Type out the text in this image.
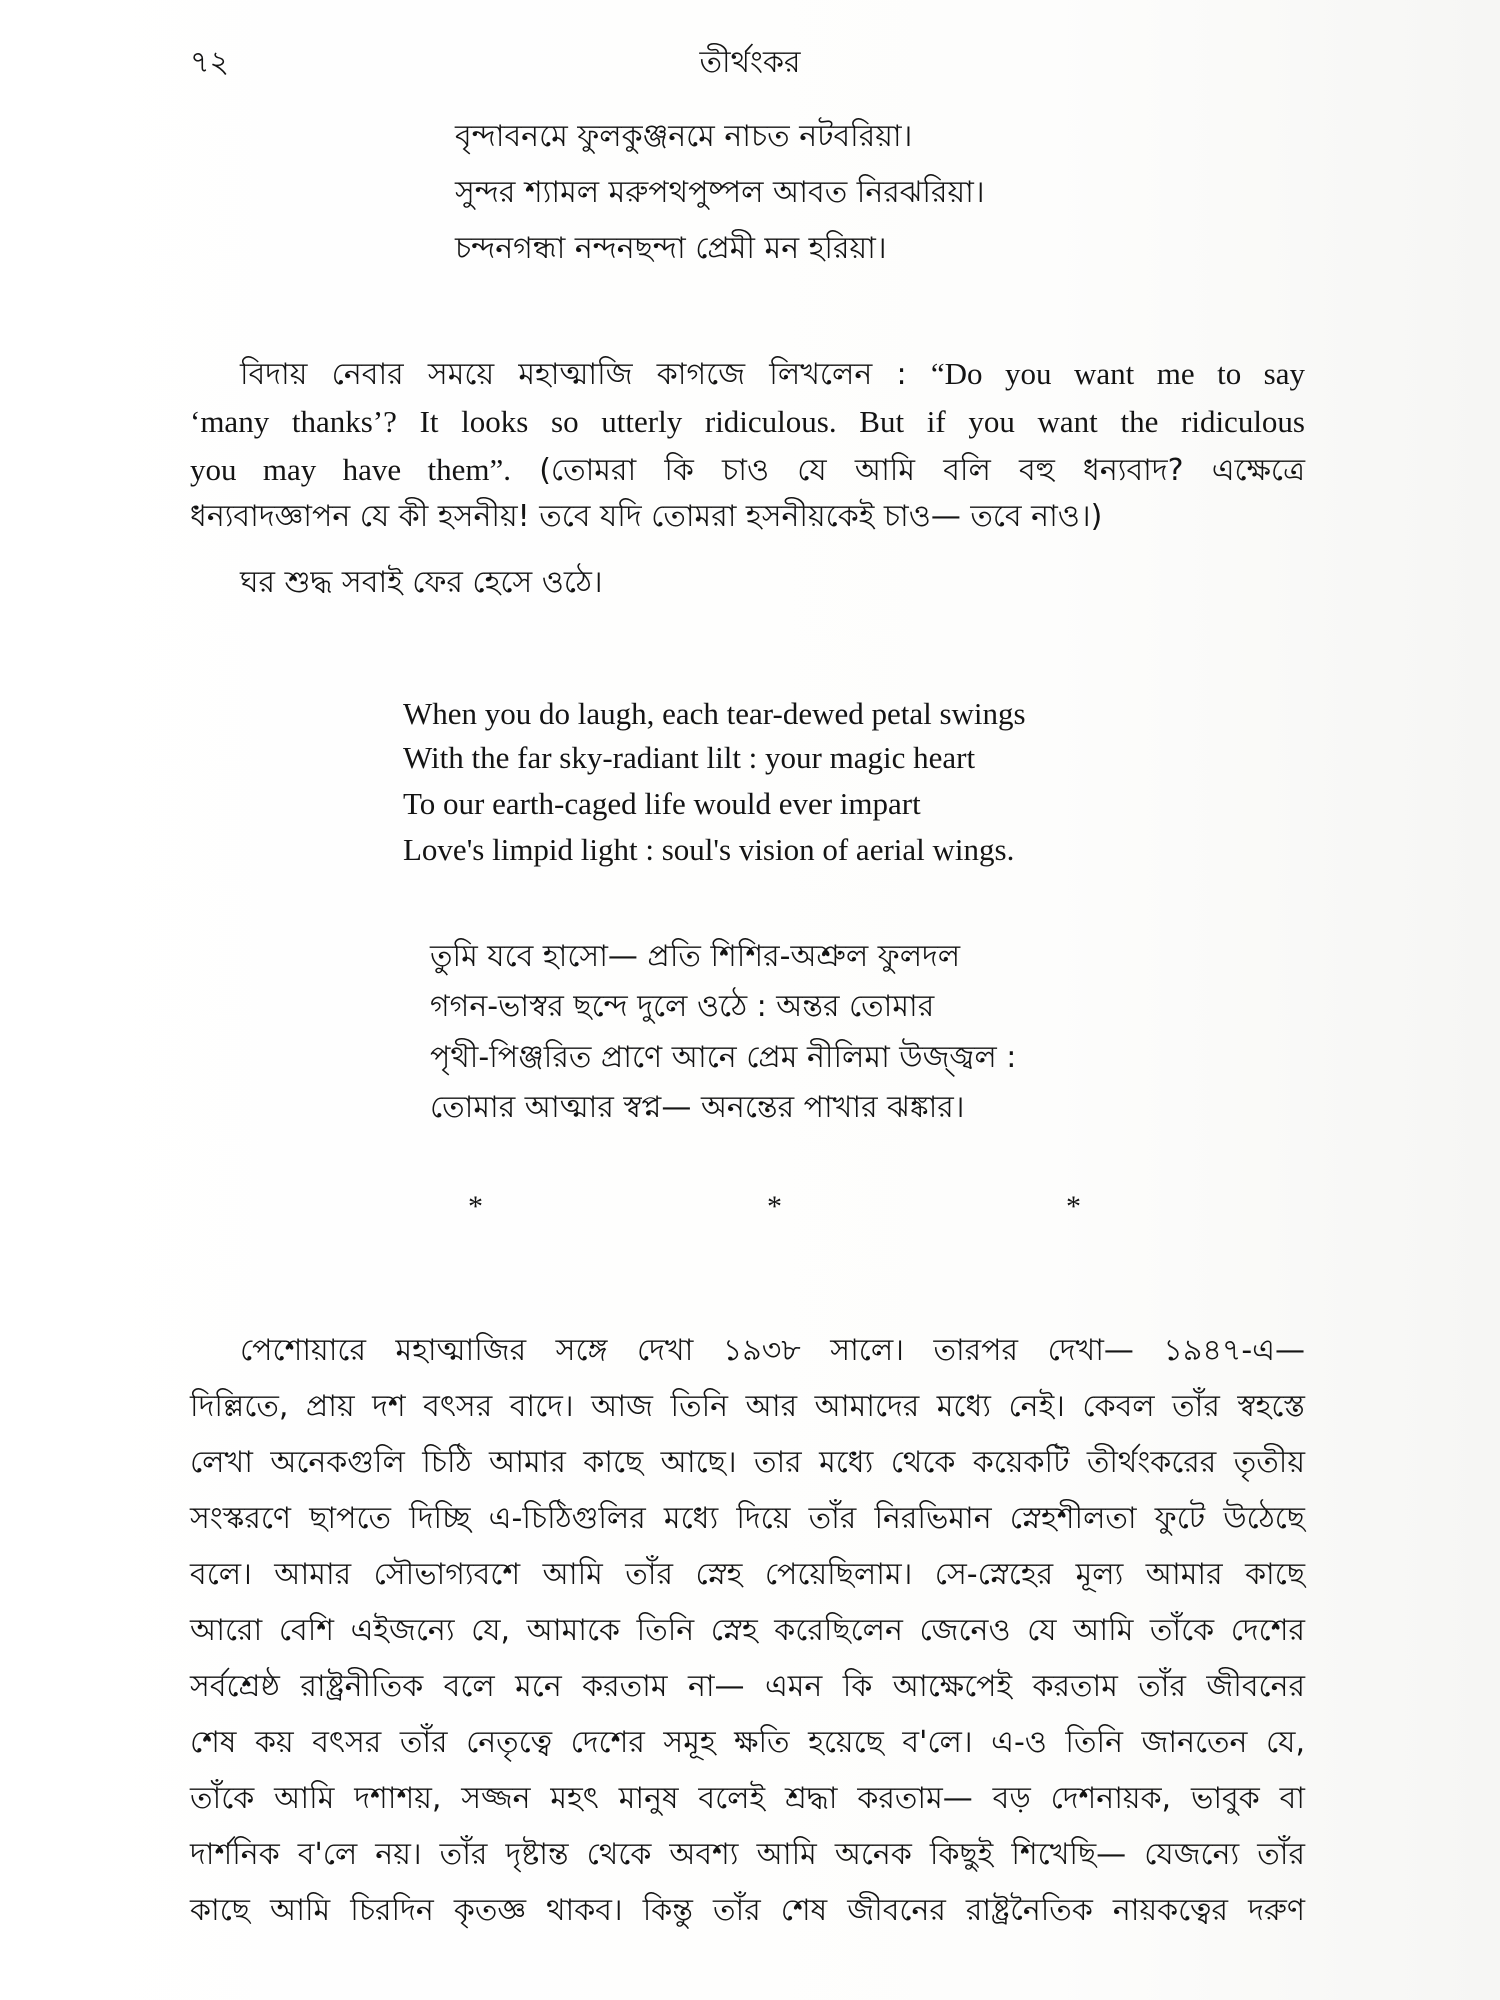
৭২	তীর্থংকর
বৃন্দাবনমে ফুলকুঞ্জনমে নাচত নটবরিয়া।
সুন্দর শ্যামল মরুপথপুষ্পল আবত নিরঝরিয়া।
চন্দনগন্ধা নন্দনছন্দা প্রেমী মন হরিয়া।
বিদায় নেবার সময়ে মহাত্মাজি কাগজে লিখলেন : “Do you want me to say
‘many thanks’? It looks so utterly ridiculous. But if you want the ridiculous
you may have them”. (তোমরা কি চাও যে আমি বলি বহু ধন্যবাদ? এক্ষেত্রে
ধন্যবাদজ্ঞাপন যে কী হসনীয়! তবে যদি তোমরা হসনীয়কেই চাও— তবে নাও।)
ঘর শুদ্ধ সবাই ফের হেসে ওঠে।
When you do laugh, each tear-dewed petal swings
With the far sky-radiant lilt : your magic heart
To our earth-caged life would ever impart
Love's limpid light : soul's vision of aerial wings.
তুমি যবে হাসো— প্রতি শিশির-অশ্রুল ফুলদল
গগন-ভাস্বর ছন্দে দুলে ওঠে : অন্তর তোমার
পৃথী-পিঞ্জরিত প্রাণে আনে প্রেম নীলিমা উজ্জ্বল :
তোমার আত্মার স্বপ্ন— অনন্তের পাখার ঝঙ্কার।
*	*	*
পেশোয়ারে মহাত্মাজির সঙ্গে দেখা ১৯৩৮ সালে। তারপর দেখা— ১৯৪৭-এ—
দিল্লিতে, প্রায় দশ বৎসর বাদে। আজ তিনি আর আমাদের মধ্যে নেই। কেবল তাঁর স্বহস্তে
লেখা অনেকগুলি চিঠি আমার কাছে আছে। তার মধ্যে থেকে কয়েকটি তীর্থংকরের তৃতীয়
সংস্করণে ছাপতে দিচ্ছি এ-চিঠিগুলির মধ্যে দিয়ে তাঁর নিরভিমান স্নেহশীলতা ফুটে উঠেছে
বলে। আমার সৌভাগ্যবশে আমি তাঁর স্নেহ পেয়েছিলাম। সে-স্নেহের মূল্য আমার কাছে
আরো বেশি এইজন্যে যে, আমাকে তিনি স্নেহ করেছিলেন জেনেও যে আমি তাঁকে দেশের
সর্বশ্রেষ্ঠ রাষ্ট্রনীতিক বলে মনে করতাম না— এমন কি আক্ষেপেই করতাম তাঁর জীবনের
শেষ কয় বৎসর তাঁর নেতৃত্বে দেশের সমূহ ক্ষতি হয়েছে ব'লে। এ-ও তিনি জানতেন যে,
তাঁকে আমি দশাশয়, সজ্জন মহৎ মানুষ বলেই শ্রদ্ধা করতাম— বড় দেশনায়ক, ভাবুক বা
দার্শনিক ব'লে নয়। তাঁর দৃষ্টান্ত থেকে অবশ্য আমি অনেক কিছুই শিখেছি— যেজন্যে তাঁর
কাছে আমি চিরদিন কৃতজ্ঞ থাকব। কিন্তু তাঁর শেষ জীবনের রাষ্ট্রনৈতিক নায়কত্বের দরুণ
